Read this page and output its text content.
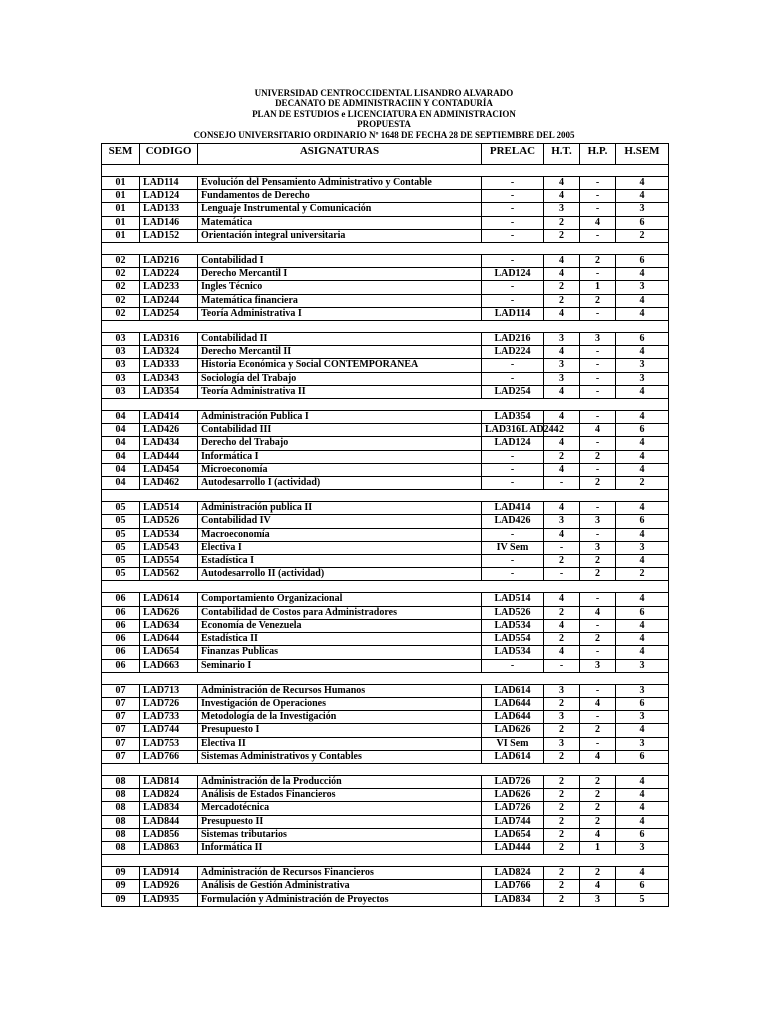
UNIVERSIDAD CENTROCCIDENTAL LISANDRO ALVARADO
DECANATO DE ADMINISTRACIIN Y CONTADURÍA
PLAN DE ESTUDIOS e LICENCIATURA EN ADMINISTRACION
PROPUESTA
CONSEJO UNIVERSITARIO ORDINARIO Nº 1648 DE FECHA 28 DE SEPTIEMBRE DEL 2005
SEM	CODIGO	ASIGNATURAS	PRELAC	H.T.	H.P.	H.SEM

01	LAD114	Evolución del Pensamiento Administrativo y Contable	-	4	-	4
01	LAD124	Fundamentos de Derecho	-	4	-	4
01	LAD133	Lenguaje Instrumental y Comunicación	-	3	-	3
01	LAD146	Matemática	-	2	4	6
01	LAD152	Orientación integral universitaria	-	2	-	2

02	LAD216	Contabilidad I	-	4	2	6
02	LAD224	Derecho Mercantil I	LAD124	4	-	4
02	LAD233	Ingles Técnico	-	2	1	3
02	LAD244	Matemática financiera	-	2	2	4
02	LAD254	Teoría Administrativa I	LAD114	4	-	4

03	LAD316	Contabilidad II	LAD216	3	3	6
03	LAD324	Derecho Mercantil II	LAD224	4	-	4
03	LAD333	Historia Económica y Social CONTEMPORANEA	-	3	-	3
03	LAD343	Sociología del Trabajo	-	3	-	3
03	LAD354	Teoría Administrativa II	LAD254	4	-	4

04	LAD414	Administración Publica I	LAD354	4	-	4
04	LAD426	Contabilidad III	LAD316L AD244	2	4	6
04	LAD434	Derecho del Trabajo	LAD124	4	-	4
04	LAD444	Informática I	-	2	2	4
04	LAD454	Microeconomía	-	4	-	4
04	LAD462	Autodesarrollo I (actividad)	-	-	2	2

05	LAD514	Administración publica II	LAD414	4	-	4
05	LAD526	Contabilidad IV	LAD426	3	3	6
05	LAD534	Macroeconomía	-	4	-	4
05	LAD543	Electiva I	IV Sem	-	3	3
05	LAD554	Estadística I	-	2	2	4
05	LAD562	Autodesarrollo II (actividad)	-	-	2	2

06	LAD614	Comportamiento Organizacional	LAD514	4	-	4
06	LAD626	Contabilidad de Costos para Administradores	LAD526	2	4	6
06	LAD634	Economía de Venezuela	LAD534	4	-	4
06	LAD644	Estadística II	LAD554	2	2	4
06	LAD654	Finanzas Publicas	LAD534	4	-	4
06	LAD663	Seminario I	-	-	3	3

07	LAD713	Administración de Recursos Humanos	LAD614	3	-	3
07	LAD726	Investigación de Operaciones	LAD644	2	4	6
07	LAD733	Metodología de la Investigación	LAD644	3	-	3
07	LAD744	Presupuesto I	LAD626	2	2	4
07	LAD753	Electiva II	VI Sem	3	-	3
07	LAD766	Sistemas Administrativos y Contables	LAD614	2	4	6

08	LAD814	Administración de la Producción	LAD726	2	2	4
08	LAD824	Análisis de Estados Financieros	LAD626	2	2	4
08	LAD834	Mercadotécnica	LAD726	2	2	4
08	LAD844	Presupuesto II	LAD744	2	2	4
08	LAD856	Sistemas tributarios	LAD654	2	4	6
08	LAD863	Informática II	LAD444	2	1	3

09	LAD914	Administración de Recursos Financieros	LAD824	2	2	4
09	LAD926	Análisis de Gestión Administrativa	LAD766	2	4	6
09	LAD935	Formulación y Administración de Proyectos	LAD834	2	3	5
